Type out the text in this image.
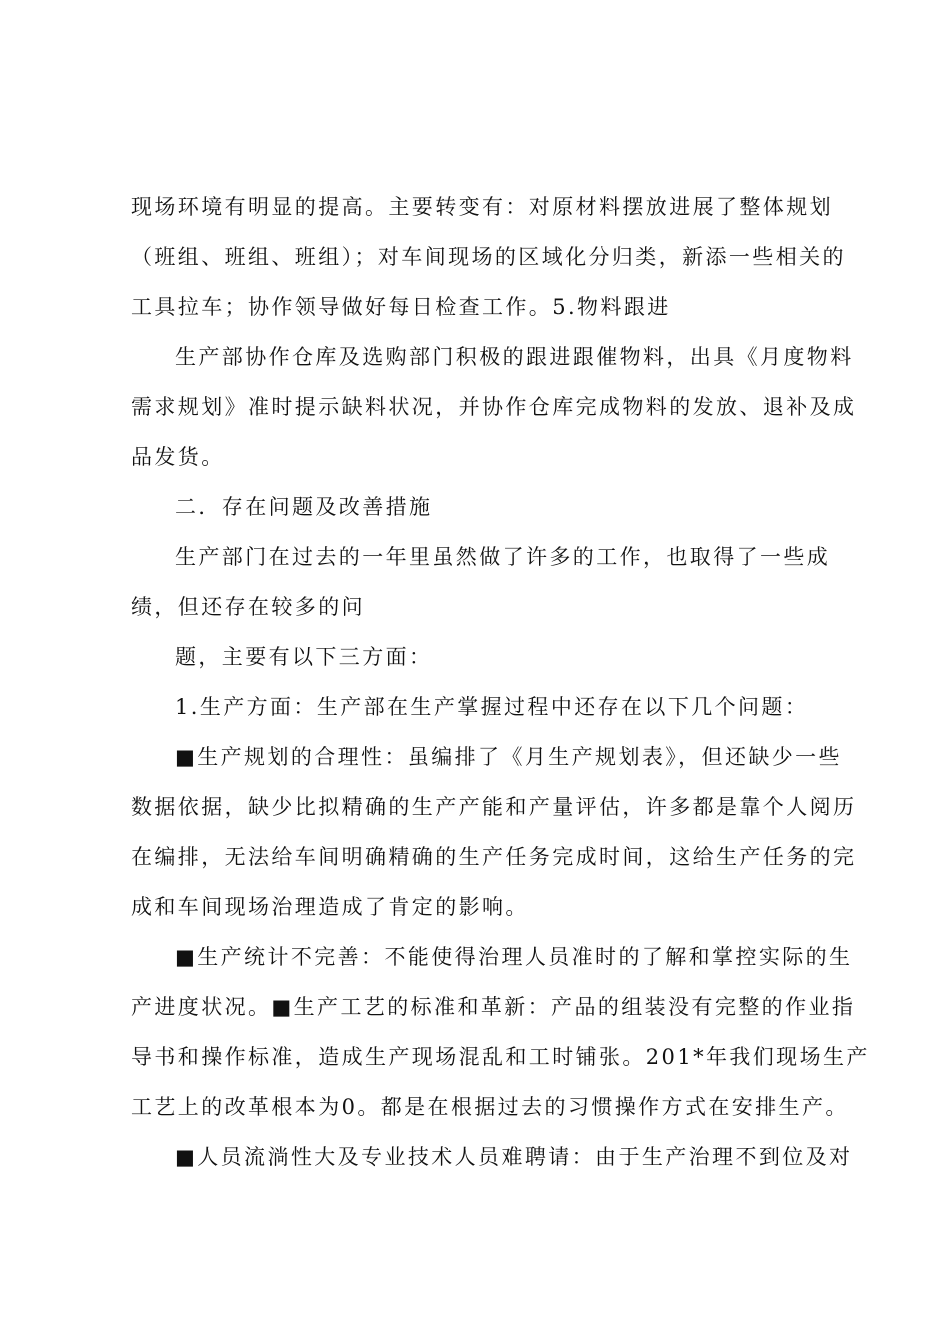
现场环境有明显的提高。主要转变有：对原材料摆放进展了整体规划
（班组、班组、班组）；对车间现场的区域化分归类，新添一些相关的
工具拉车；协作领导做好每日检查工作。5.物料跟进
生产部协作仓库及选购部门积极的跟进跟催物料，出具《月度物料
需求规划》准时提示缺料状况，并协作仓库完成物料的发放、退补及成
品发货。
二．存在问题及改善措施
生产部门在过去的一年里虽然做了许多的工作，也取得了一些成
绩，但还存在较多的问
题，主要有以下三方面：
1.生产方面：生产部在生产掌握过程中还存在以下几个问题：
■生产规划的合理性：虽编排了《月生产规划表》，但还缺少一些
数据依据，缺少比拟精确的生产产能和产量评估，许多都是靠个人阅历
在编排，无法给车间明确精确的生产任务完成时间，这给生产任务的完
成和车间现场治理造成了肯定的影响。
■生产统计不完善：不能使得治理人员准时的了解和掌控实际的生
产进度状况。■生产工艺的标准和革新：产品的组装没有完整的作业指
导书和操作标准，造成生产现场混乱和工时铺张。201*年我们现场生产
工艺上的改革根本为0。都是在根据过去的习惯操作方式在安排生产。
■人员流淌性大及专业技术人员难聘请：由于生产治理不到位及对
